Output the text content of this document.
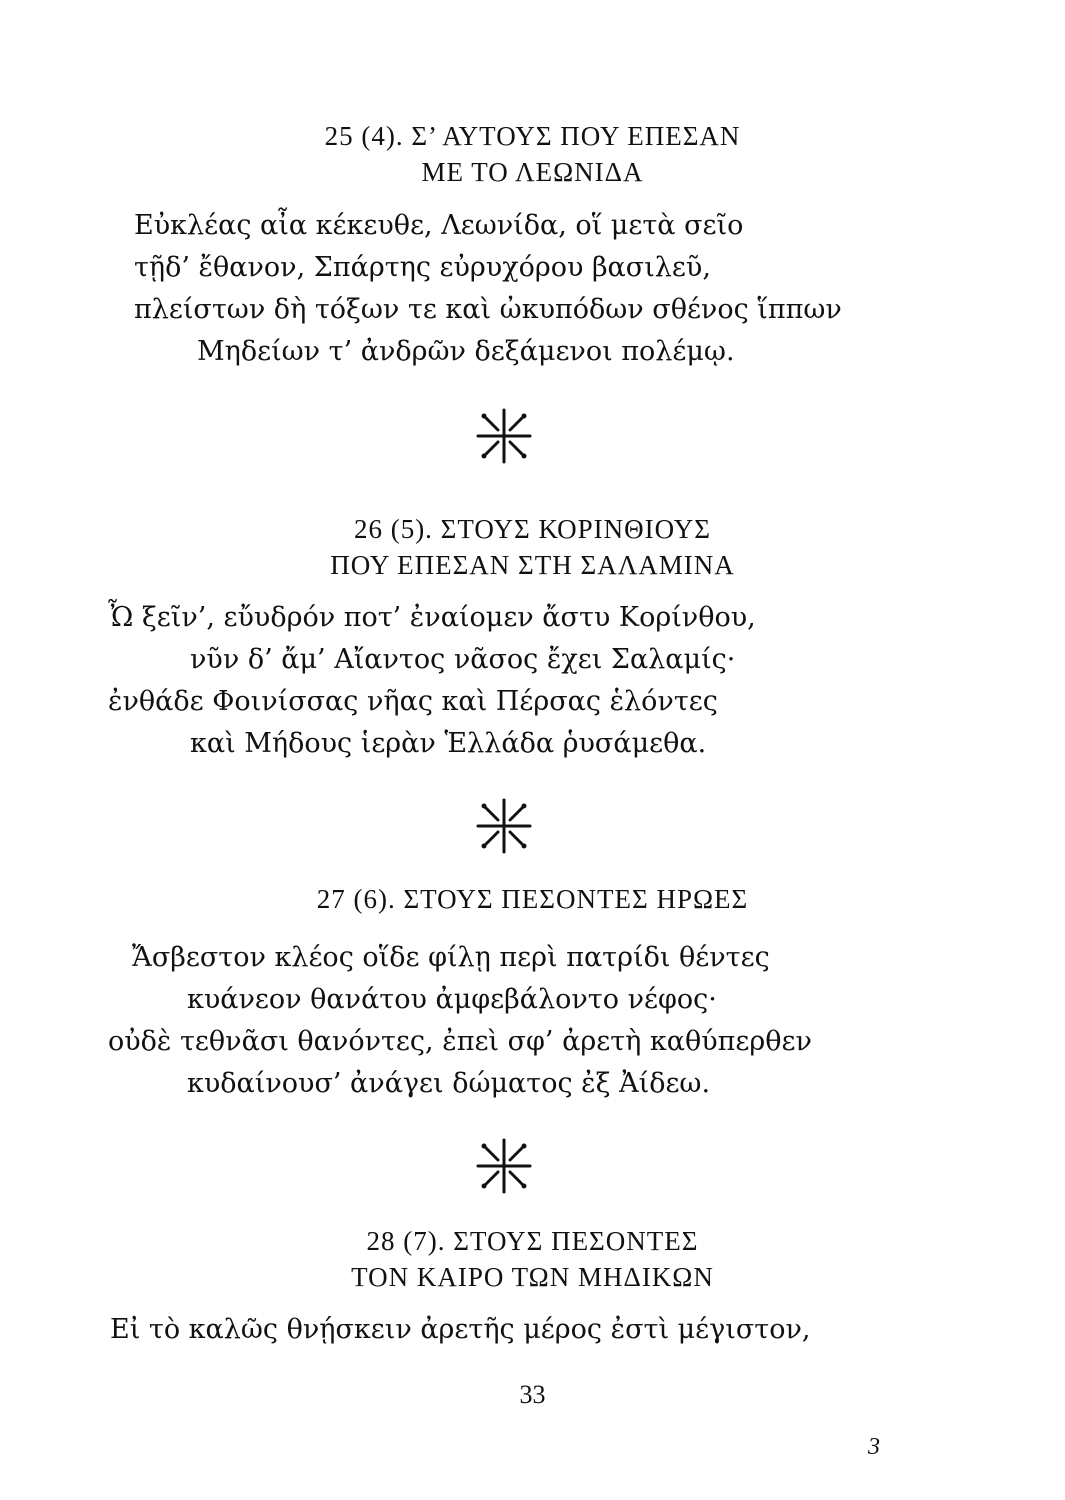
25 (4). Σ’ ΑΥΤΟΥΣ ΠΟΥ ΕΠΕΣΑΝ
ΜΕ ΤΟ ΛΕΩΝΙΔΑ
Εὐκλέας αἶα κέκευθε, Λεωνίδα, οἵ μετὰ σεῖο
τῇδ’ ἔθανον, Σπάρτης εὐρυχόρου βασιλεῦ,
πλείστων δὴ τόξων τε καὶ ὠκυπόδων σθένος ἵππων
Μηδείων τ’ ἀνδρῶν δεξάμενοι πολέμῳ.
26 (5). ΣΤΟΥΣ ΚΟΡΙΝΘΙΟΥΣ
ΠΟΥ ΕΠΕΣΑΝ ΣΤΗ ΣΑΛΑΜΙΝΑ
Ὦ ξεῖν’, εὔυδρόν ποτ’ ἐναίομεν ἄστυ Κορίνθου,
νῦν δ’ ἄμ’ Αἴαντος νᾶσος ἔχει Σαλαμίς·
ἐνθάδε Φοινίσσας νῆας καὶ Πέρσας ἑλόντες
καὶ Μήδους ἱερὰν Ἑλλάδα ῥυσάμεθα.
27 (6). ΣΤΟΥΣ ΠΕΣΟΝΤΕΣ ΗΡΩΕΣ
Ἄσβεστον κλέος οἵδε φίλῃ περὶ πατρίδι θέντες
κυάνεον θανάτου ἀμφεβάλοντο νέφος·
οὐδὲ τεθνᾶσι θανόντες, ἐπεὶ σφ’ ἀρετὴ καθύπερθεν
κυδαίνουσ’ ἀνάγει δώματος ἐξ Ἀίδεω.
28 (7). ΣΤΟΥΣ ΠΕΣΟΝΤΕΣ
ΤΟΝ ΚΑΙΡΟ ΤΩΝ ΜΗΔΙΚΩΝ
Εἰ τὸ καλῶς θνῄσκειν ἀρετῆς μέρος ἐστὶ μέγιστον,
33
3
